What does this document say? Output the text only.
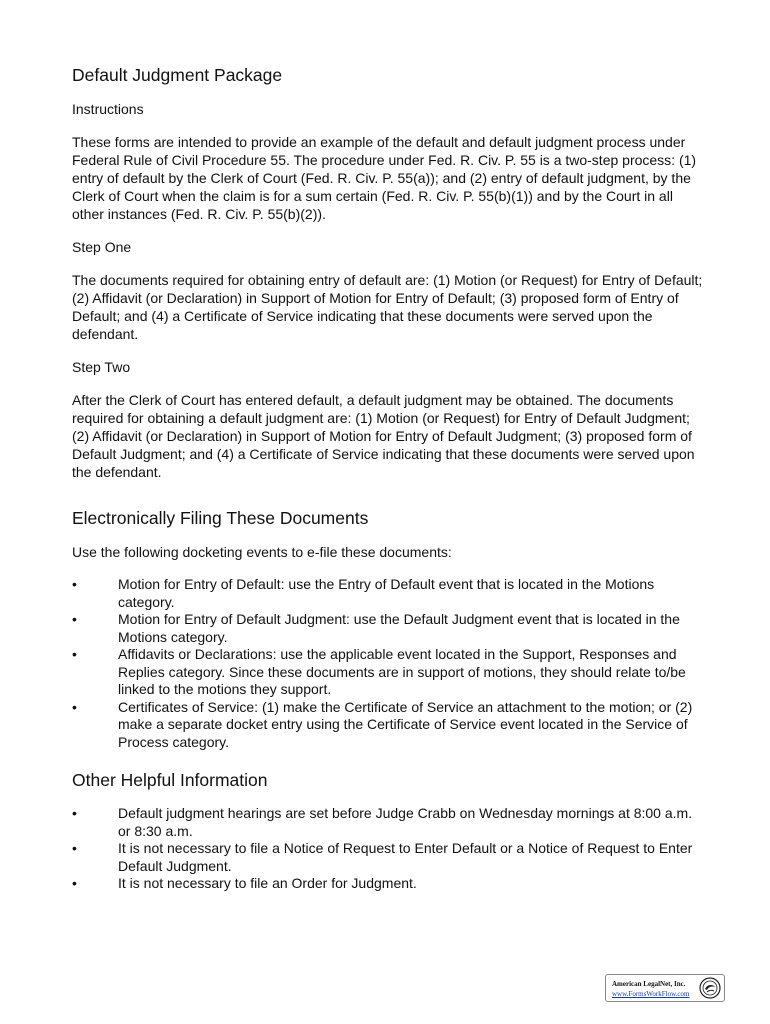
Default Judgment Package
Instructions

These forms are intended to provide an example of the default and default judgment process under Federal Rule of Civil Procedure 55. The procedure under Fed. R. Civ. P. 55 is a two-step process: (1) entry of default by the Clerk of Court (Fed. R. Civ. P. 55(a)); and (2) entry of default judgment, by the Clerk of Court when the claim is for a sum certain (Fed. R. Civ. P. 55(b)(1)) and by the Court in all other instances (Fed. R. Civ. P. 55(b)(2)).

Step One

The documents required for obtaining entry of default are: (1) Motion (or Request) for Entry of Default; (2) Affidavit (or Declaration) in Support of Motion for Entry of Default; (3) proposed form of Entry of Default; and (4) a Certificate of Service indicating that these documents were served upon the defendant.

Step Two

After the Clerk of Court has entered default, a default judgment may be obtained. The documents required for obtaining a default judgment are: (1) Motion (or Request) for Entry of Default Judgment; (2) Affidavit (or Declaration) in Support of Motion for Entry of Default Judgment; (3) proposed form of Default Judgment; and (4) a Certificate of Service indicating that these documents were served upon the defendant.

Electronically Filing These Documents

Use the following docketing events to e-file these documents:

•	Motion for Entry of Default: use the Entry of Default event that is located in the Motions category.
•	Motion for Entry of Default Judgment: use the Default Judgment event that is located in the Motions category.
•	Affidavits or Declarations: use the applicable event located in the Support, Responses and Replies category. Since these documents are in support of motions, they should relate to/be linked to the motions they support.
•	Certificates of Service: (1) make the Certificate of Service an attachment to the motion; or (2) make a separate docket entry using the Certificate of Service event located in the Service of Process category.
Other Helpful Information
•	Default judgment hearings are set before Judge Crabb on Wednesday mornings at 8:00 a.m. or 8:30 a.m.
•	It is not necessary to file a Notice of Request to Enter Default or a Notice of Request to Enter Default Judgment.
•	It is not necessary to file an Order for Judgment.
American LegalNet, Inc.
www.FormsWorkFlow.com
